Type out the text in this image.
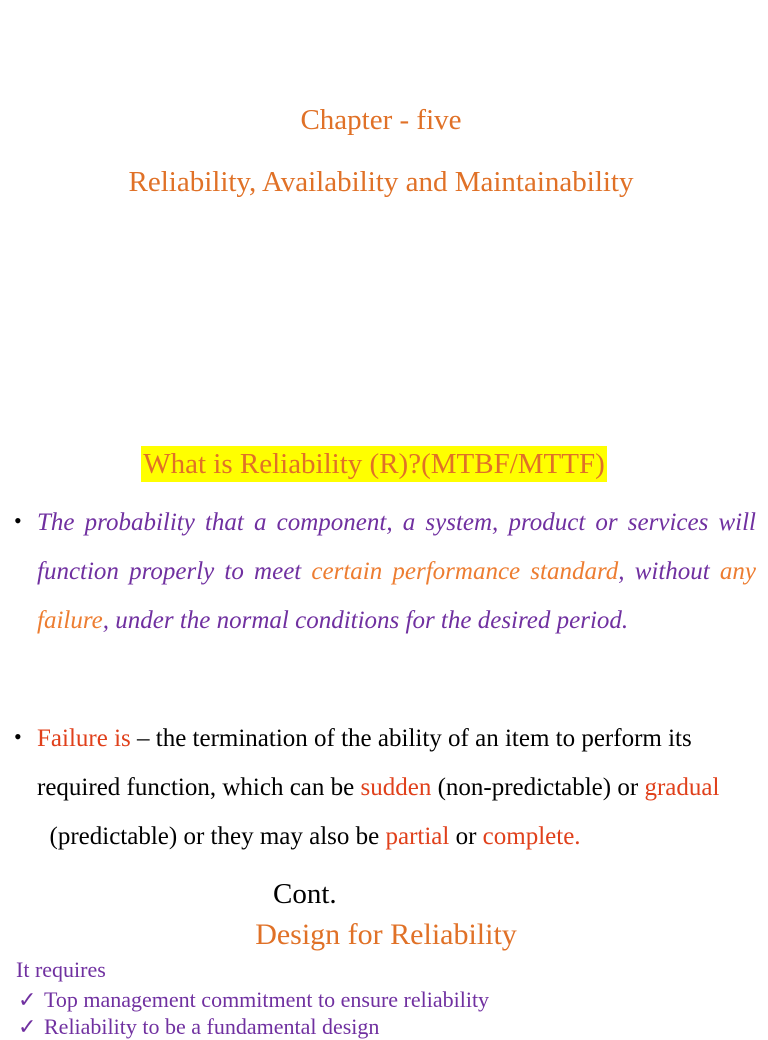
Chapter - five
Reliability, Availability and Maintainability
What is Reliability (R)?(MTBF/MTTF)
• The probability that a component, a system, product or services will function properly to meet certain performance standard, without any failure, under the normal conditions for the desired period.
• Failure is – the termination of the ability of an item to perform its required function, which can be sudden (non-predictable) or gradual  (predictable) or they may also be partial or complete.
Cont.
Design for Reliability
It requires
✓ Top management commitment to ensure reliability
✓ Reliability to be a fundamental design
